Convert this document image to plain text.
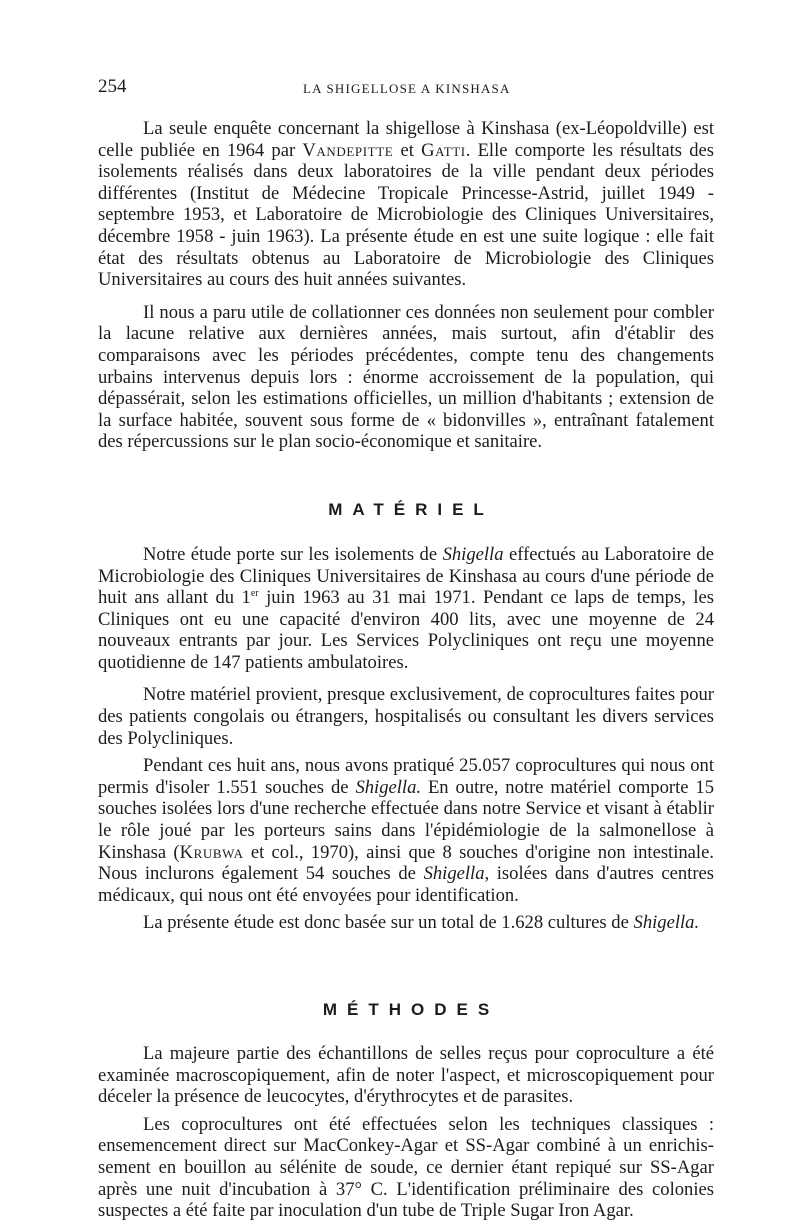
254	LA SHIGELLOSE A KINSHASA

La seule enquête concernant la shigellose à Kinshasa (ex-Léopoldville) est celle publiée en 1964 par Vandepitte et Gatti. Elle comporte les résultats des isolements réalisés dans deux laboratoires de la ville pendant deux périodes différentes (Institut de Médecine Tropicale Princesse-Astrid, juillet 1949 - septembre 1953, et Laboratoire de Microbiologie des Cliniques Universitaires, décembre 1958 - juin 1963). La présente étude en est une suite logique : elle fait état des résultats obtenus au Laboratoire de Microbiologie des Cliniques Universitaires au cours des huit années suivantes.

Il nous a paru utile de collationner ces données non seulement pour combler la lacune relative aux dernières années, mais surtout, afin d'établir des comparaisons avec les périodes précédentes, compte tenu des changements urbains intervenus depuis lors : énorme accroissement de la population, qui dépassérait, selon les estimations officielles, un million d'habitants ; extension de la surface habitée, souvent sous forme de « bidonvilles », entraînant fatalement des répercussions sur le plan socio-économique et sanitaire.

MATÉRIEL

Notre étude porte sur les isolements de Shigella effectués au Laboratoire de Microbiologie des Cliniques Universitaires de Kinshasa au cours d'une période de huit ans allant du 1er juin 1963 au 31 mai 1971. Pendant ce laps de temps, les Cliniques ont eu une capacité d'environ 400 lits, avec une moyenne de 24 nouveaux entrants par jour. Les Services Polycliniques ont reçu une moyenne quotidienne de 147 patients ambulatoires.

Notre matériel provient, presque exclusivement, de coprocultures faites pour des patients congolais ou étrangers, hospitalisés ou consultant les divers services des Polycliniques.

Pendant ces huit ans, nous avons pratiqué 25.057 coprocultures qui nous ont permis d'isoler 1.551 souches de Shigella. En outre, notre matériel comporte 15 souches isolées lors d'une recherche effectuée dans notre Service et visant à établir le rôle joué par les porteurs sains dans l'épidémiologie de la salmonellose à Kinshasa (Krubwa et col., 1970), ainsi que 8 souches d'origine non intestinale. Nous inclurons également 54 souches de Shigella, isolées dans d'autres centres médicaux, qui nous ont été envoyées pour identification.

La présente étude est donc basée sur un total de 1.628 cultures de Shigella.

MÉTHODES

La majeure partie des échantillons de selles reçus pour coproculture a été examinée macroscopiquement, afin de noter l'aspect, et microscopiquement pour déceler la présence de leucocytes, d'érythrocytes et de parasites.

Les coprocultures ont été effectuées selon les techniques classiques : ensemencement direct sur MacConkey-Agar et SS-Agar combiné à un enrichissement en bouillon au sélénite de soude, ce dernier étant repiqué sur SS-Agar après une nuit d'incubation à 37° C. L'identification préliminaire des colonies suspectes a été faite par inoculation d'un tube de Triple Sugar Iron Agar.
